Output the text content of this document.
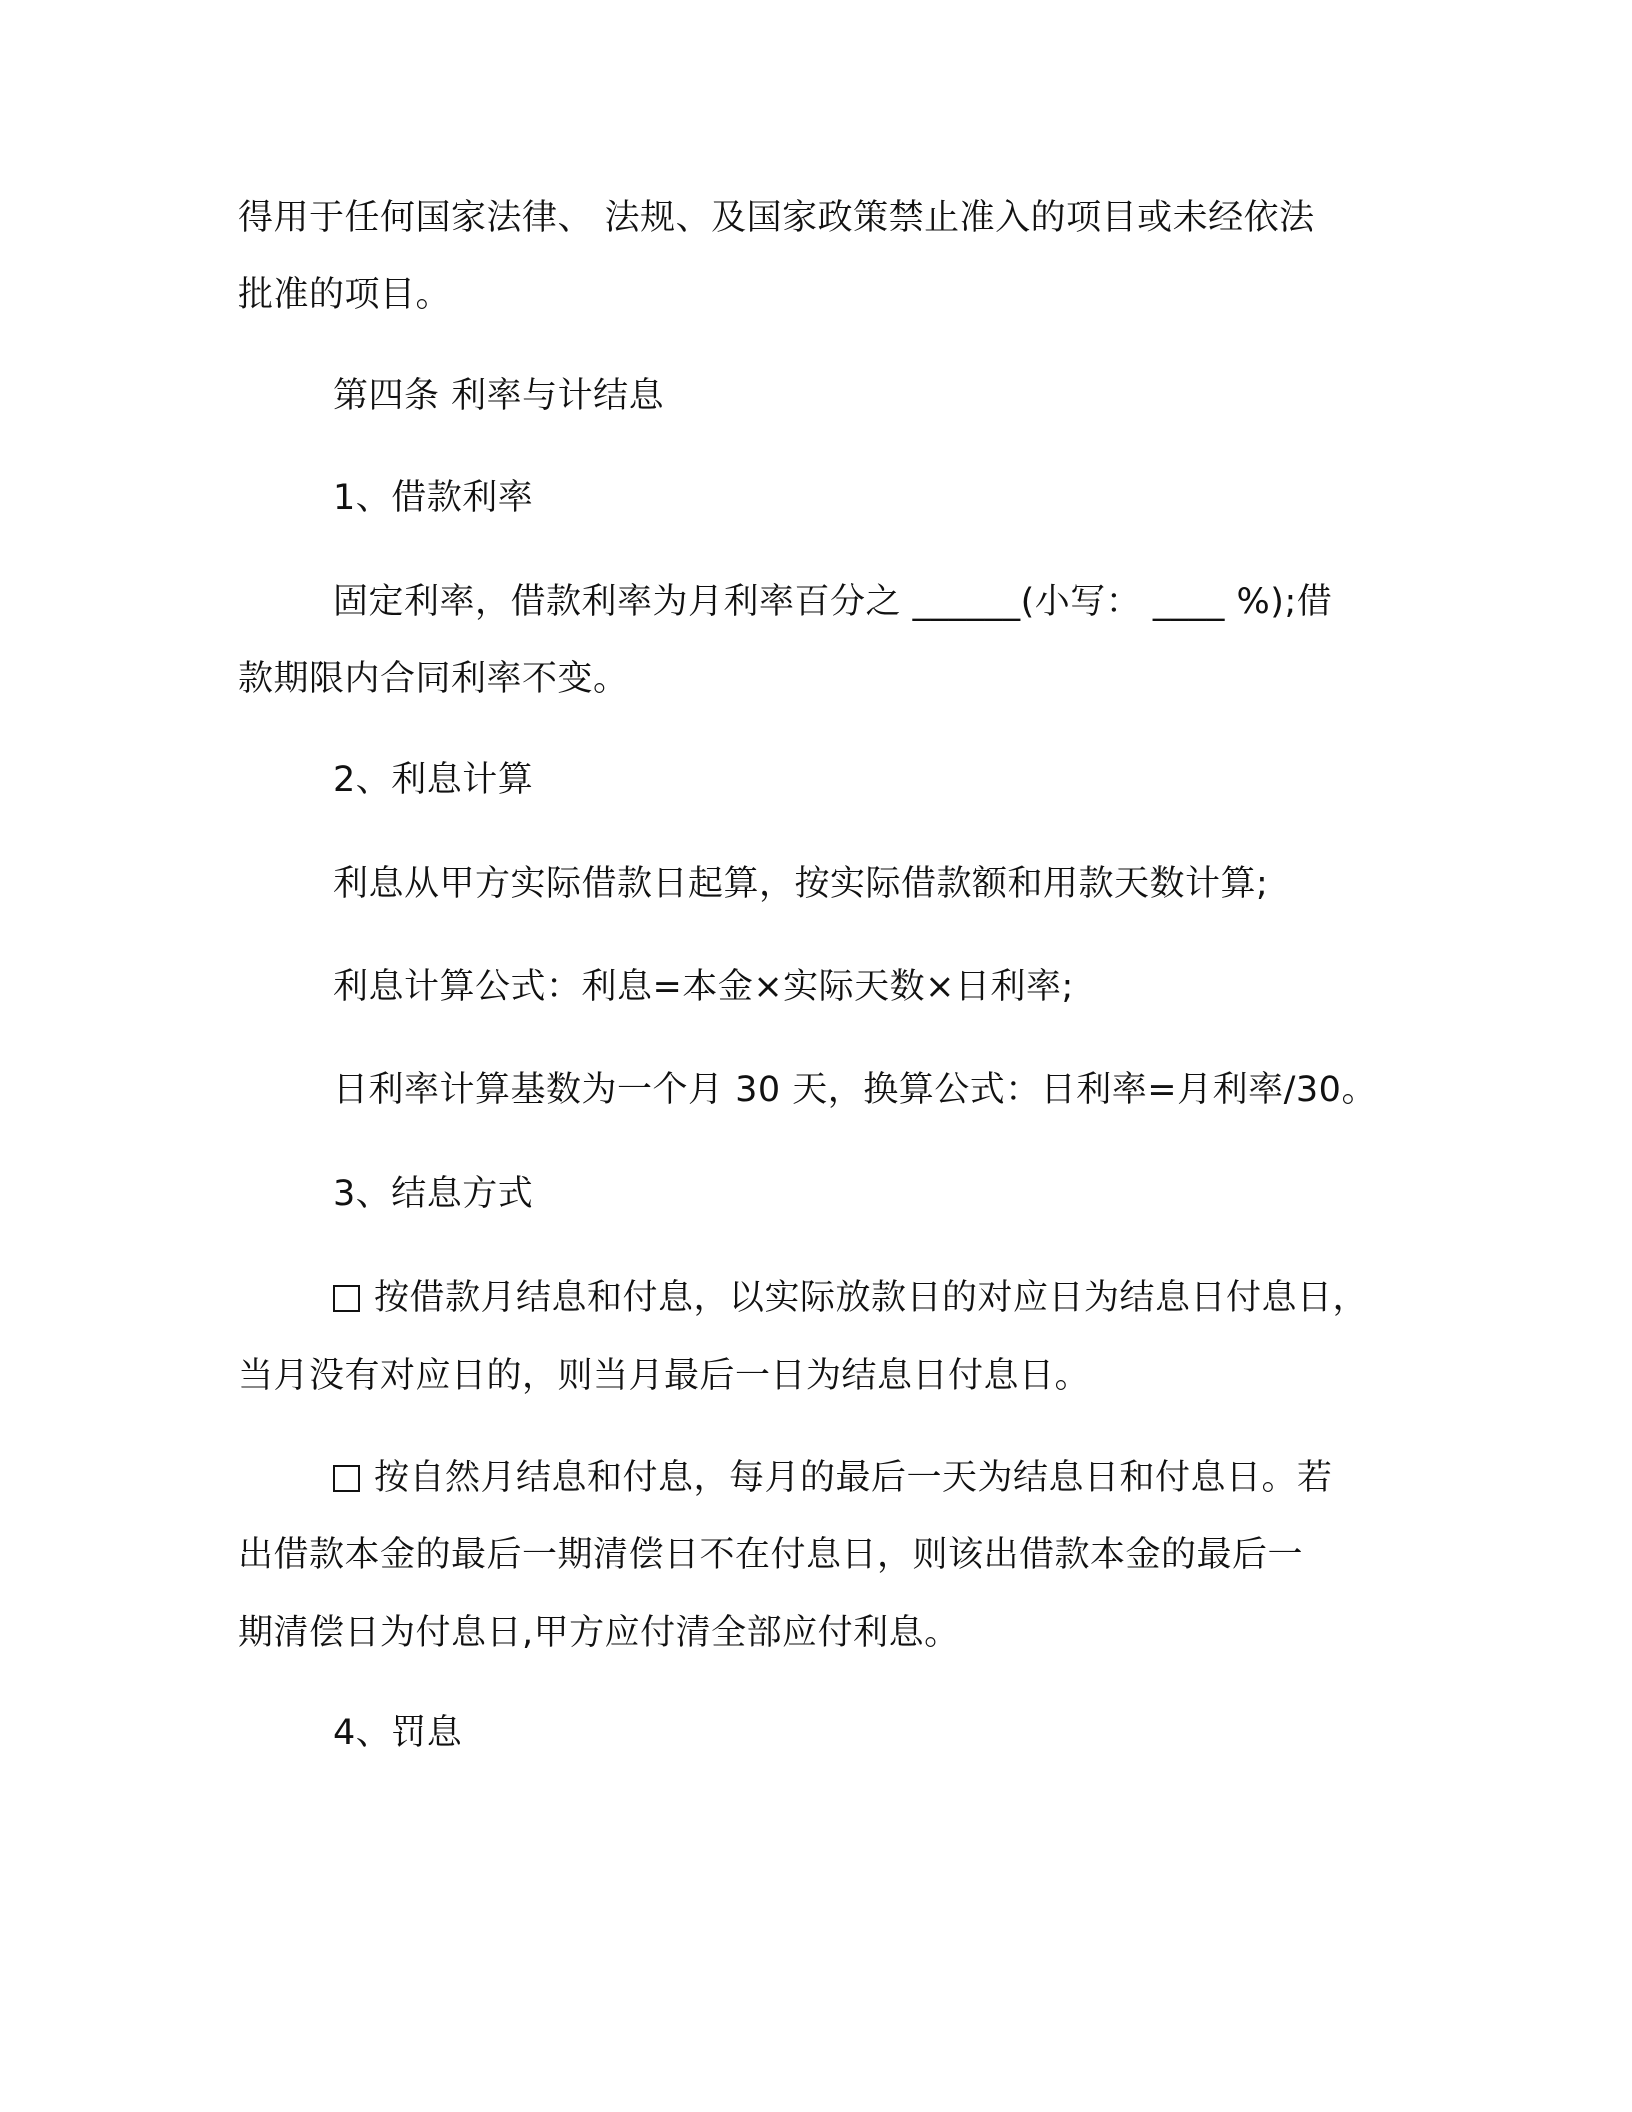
得用于任何国家法律、 法规、及国家政策禁止准入的项目或未经依法
批准的项目。
第四条 利率与计结息
1、借款利率
固定利率，借款利率为月利率百分之 ______(小写： ____ %);借
款期限内合同利率不变。
2、利息计算
利息从甲方实际借款日起算，按实际借款额和用款天数计算;
利息计算公式：利息=本金×实际天数×日利率;
日利率计算基数为一个月 30 天，换算公式：日利率=月利率/30。
3、结息方式
按借款月结息和付息，以实际放款日的对应日为结息日付息日，
当月没有对应日的，则当月最后一日为结息日付息日。
按自然月结息和付息，每月的最后一天为结息日和付息日。若
出借款本金的最后一期清偿日不在付息日，则该出借款本金的最后一
期清偿日为付息日,甲方应付清全部应付利息。
4、罚息
